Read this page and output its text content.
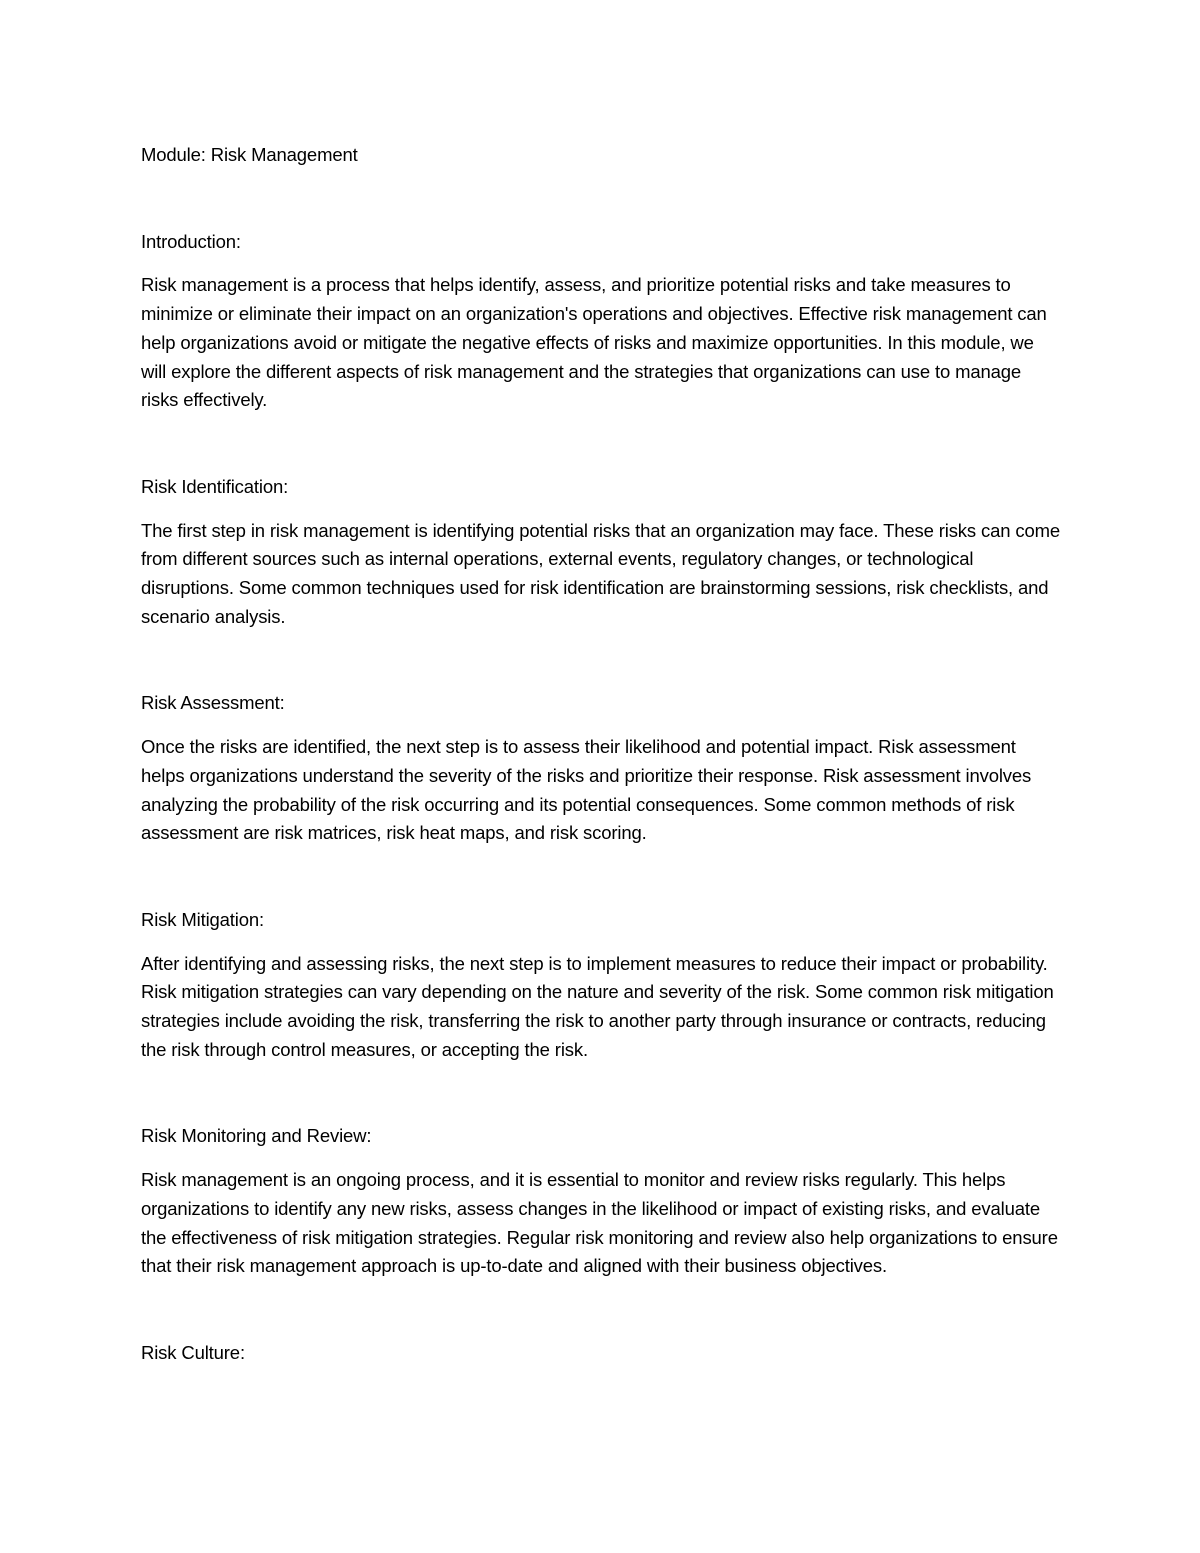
Module: Risk Management
Introduction:

Risk management is a process that helps identify, assess, and prioritize potential risks and take measures to minimize or eliminate their impact on an organization's operations and objectives. Effective risk management can help organizations avoid or mitigate the negative effects of risks and maximize opportunities. In this module, we will explore the different aspects of risk management and the strategies that organizations can use to manage risks effectively.

Risk Identification:

The first step in risk management is identifying potential risks that an organization may face. These risks can come from different sources such as internal operations, external events, regulatory changes, or technological disruptions. Some common techniques used for risk identification are brainstorming sessions, risk checklists, and scenario analysis.

Risk Assessment:

Once the risks are identified, the next step is to assess their likelihood and potential impact. Risk assessment helps organizations understand the severity of the risks and prioritize their response. Risk assessment involves analyzing the probability of the risk occurring and its potential consequences. Some common methods of risk assessment are risk matrices, risk heat maps, and risk scoring.

Risk Mitigation:

After identifying and assessing risks, the next step is to implement measures to reduce their impact or probability. Risk mitigation strategies can vary depending on the nature and severity of the risk. Some common risk mitigation strategies include avoiding the risk, transferring the risk to another party through insurance or contracts, reducing the risk through control measures, or accepting the risk.

Risk Monitoring and Review:

Risk management is an ongoing process, and it is essential to monitor and review risks regularly. This helps organizations to identify any new risks, assess changes in the likelihood or impact of existing risks, and evaluate the effectiveness of risk mitigation strategies. Regular risk monitoring and review also help organizations to ensure that their risk management approach is up-to-date and aligned with their business objectives.

Risk Culture:
